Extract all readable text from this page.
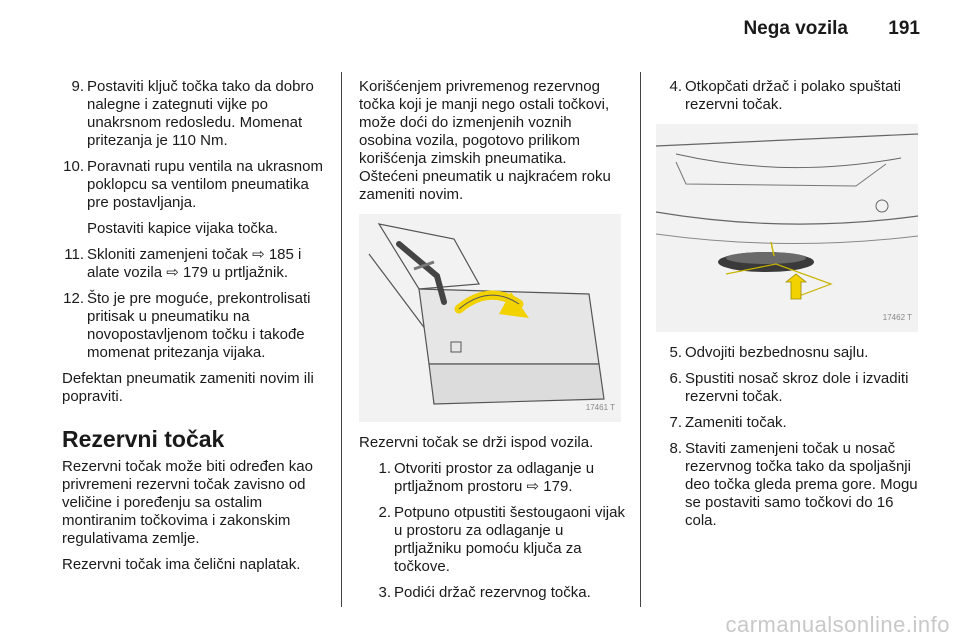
Nega vozila 191
9. Postaviti ključ točka tako da dobro nalegne i zategnuti vijke po unakrsnom redosledu. Momenat pritezanja je 110 Nm.
10. Poravnati rupu ventila na ukrasnom poklopcu sa ventilom pneumatika pre postavljanja.
Postaviti kapice vijaka točka.
11. Skloniti zamenjeni točak ⇨ 185 i alate vozila ⇨ 179 u prtljažnik.
12. Što je pre moguće, prekontrolisati pritisak u pneumatiku na novopostavljenom točku i takođe momenat pritezanja vijaka.

Defektan pneumatik zameniti novim ili popraviti.

Rezervni točak

Rezervni točak može biti određen kao privremeni rezervni točak zavisno od veličine i poređenju sa ostalim montiranim točkovima i zakonskim regulativama zemlje.

Rezervni točak ima čelični naplatak.

Korišćenjem privremenog rezervnog točka koji je manji nego ostali točkovi, može doći do izmenjenih voznih osobina vozila, pogotovo prilikom korišćenja zimskih pneumatika. Oštećeni pneumatik u najkraćem roku zameniti novim.

17461 T

Rezervni točak se drži ispod vozila.

1. Otvoriti prostor za odlaganje u prtljažnom prostoru ⇨ 179.
2. Potpuno otpustiti šestougaoni vijak u prostoru za odlaganje u prtljažniku pomoću ključa za točkove.
3. Podići držač rezervnog točka.
4. Otkopčati držač i polako spuštati rezervni točak.
17462 T
5. Odvojiti bezbednosnu sajlu.
6. Spustiti nosač skroz dole i izvaditi rezervni točak.
7. Zameniti točak.
8. Staviti zamenjeni točak u nosač rezervnog točka tako da spoljašnji deo točka gleda prema gore. Mogu se postaviti samo točkovi do 16 cola.
carmanualsonline.info
